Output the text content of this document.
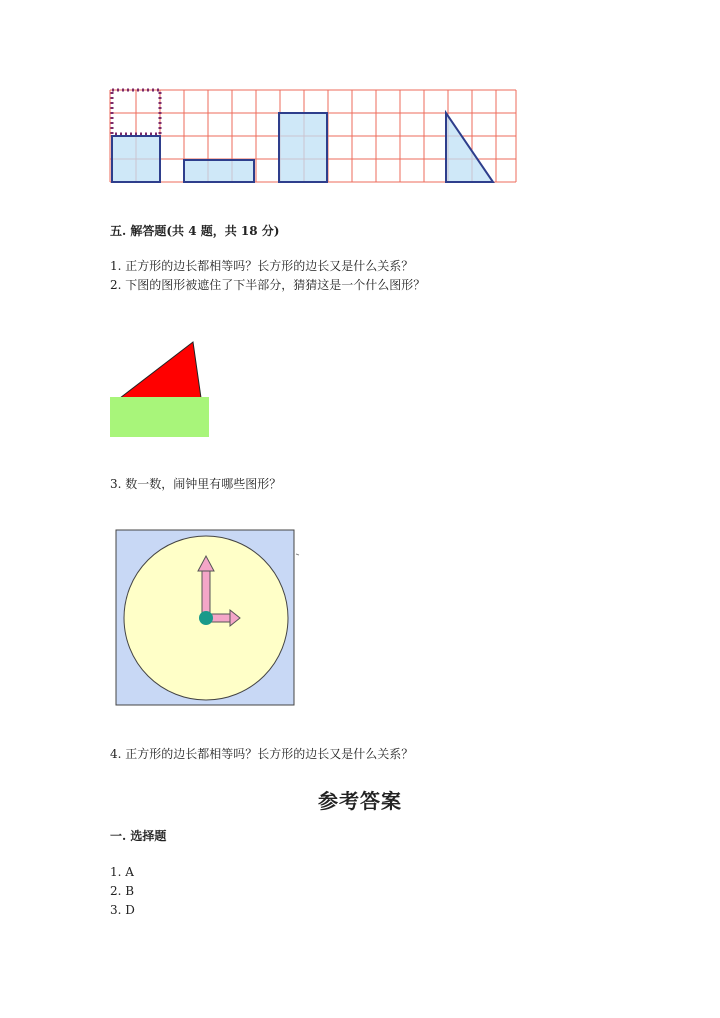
五. 解答题(共 4 题，共 18 分)
1. 正方形的边长都相等吗？长方形的边长又是什么关系？
2. 下图的图形被遮住了下半部分，猜猜这是一个什么图形？
3. 数一数，闹钟里有哪些图形？
4. 正方形的边长都相等吗？长方形的边长又是什么关系？
参考答案
一. 选择题
1. A
2. B
3. D
